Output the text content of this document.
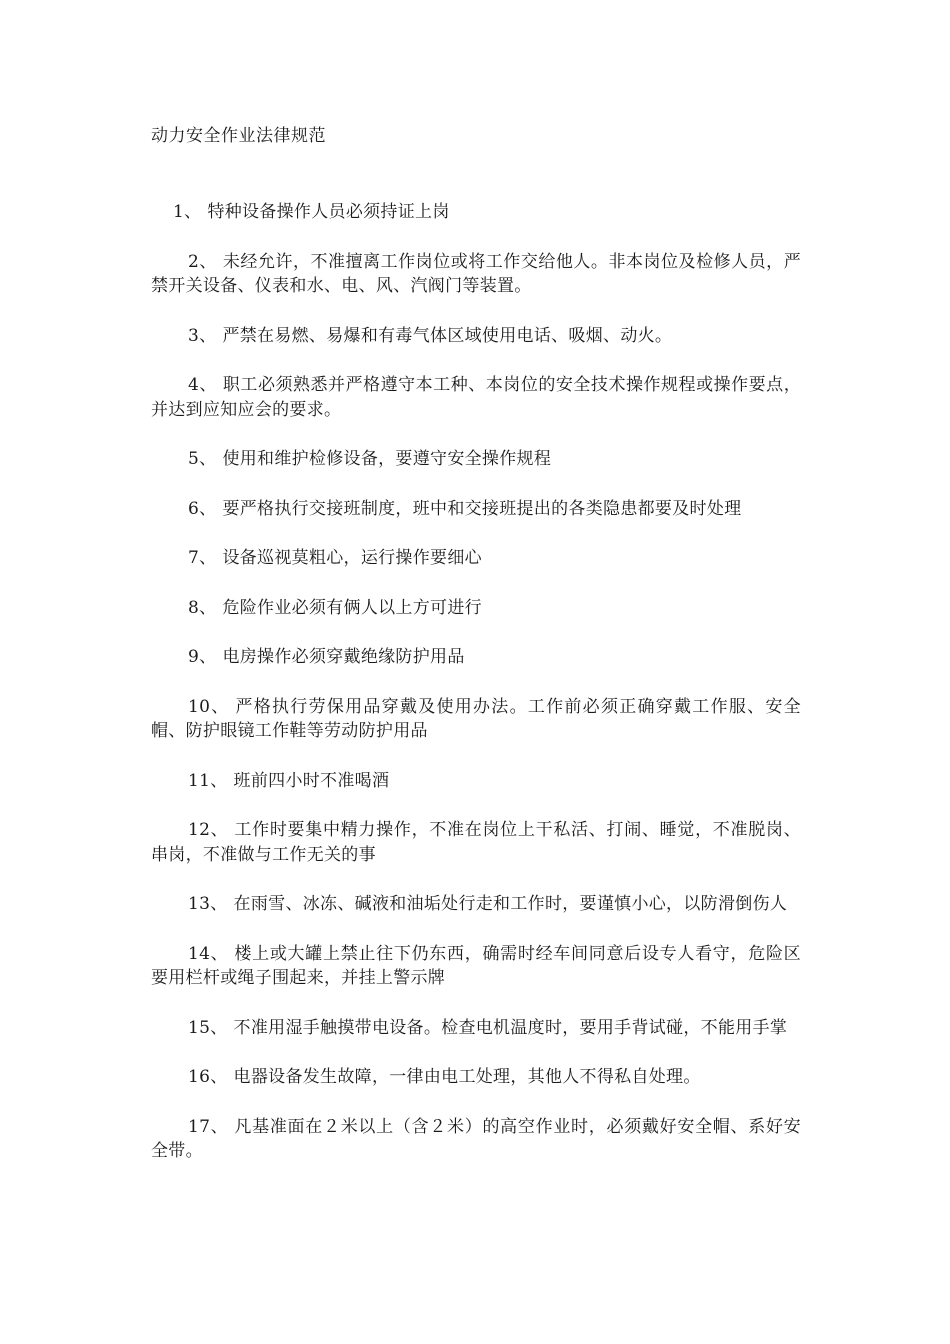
动力安全作业法律规范

1、 特种设备操作人员必须持证上岗

2、 未经允许，不准擅离工作岗位或将工作交给他人。非本岗位及检修人员，严禁开关设备、仪表和水、电、风、汽阀门等装置。

3、 严禁在易燃、易爆和有毒气体区域使用电话、吸烟、动火。

4、 职工必须熟悉并严格遵守本工种、本岗位的安全技术操作规程或操作要点，并达到应知应会的要求。

5、 使用和维护检修设备，要遵守安全操作规程

6、 要严格执行交接班制度，班中和交接班提出的各类隐患都要及时处理

7、 设备巡视莫粗心，运行操作要细心

8、 危险作业必须有俩人以上方可进行

9、 电房操作必须穿戴绝缘防护用品

10、 严格执行劳保用品穿戴及使用办法。工作前必须正确穿戴工作服、安全帽、防护眼镜工作鞋等劳动防护用品

11、 班前四小时不准喝酒

12、 工作时要集中精力操作，不准在岗位上干私活、打闹、睡觉，不准脱岗、串岗，不准做与工作无关的事

13、 在雨雪、冰冻、碱液和油垢处行走和工作时，要谨慎小心，以防滑倒伤人

14、 楼上或大罐上禁止往下仍东西，确需时经车间同意后设专人看守，危险区要用栏杆或绳子围起来，并挂上警示牌

15、 不准用湿手触摸带电设备。检查电机温度时，要用手背试碰，不能用手掌

16、 电器设备发生故障，一律由电工处理，其他人不得私自处理。

17、 凡基准面在２米以上（含２米）的高空作业时，必须戴好安全帽、系好安全带。
